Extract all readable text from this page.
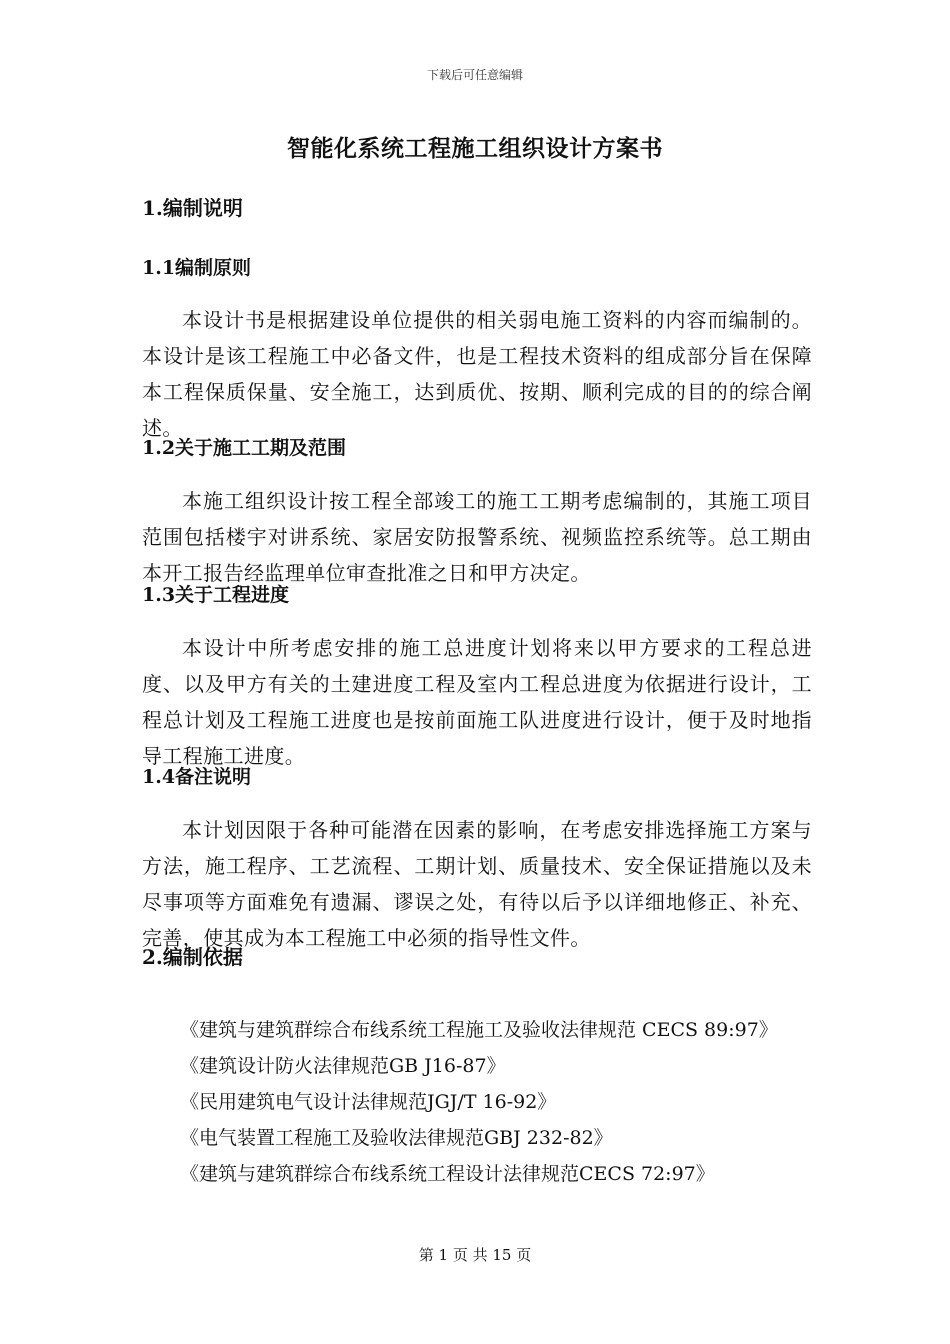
下载后可任意编辑
智能化系统工程施工组织设计方案书
1.编制说明
1.1编制原则

本设计书是根据建设单位提供的相关弱电施工资料的内容而编制的。本设计是该工程施工中必备文件，也是工程技术资料的组成部分旨在保障本工程保质保量、安全施工，达到质优、按期、顺利完成的目的的综合阐述。

1.2关于施工工期及范围

本施工组织设计按工程全部竣工的施工工期考虑编制的，其施工项目范围包括楼宇对讲系统、家居安防报警系统、视频监控系统等。总工期由本开工报告经监理单位审查批准之日和甲方决定。

1.3关于工程进度

本设计中所考虑安排的施工总进度计划将来以甲方要求的工程总进度、以及甲方有关的土建进度工程及室内工程总进度为依据进行设计，工程总计划及工程施工进度也是按前面施工队进度进行设计，便于及时地指导工程施工进度。

1.4备注说明

本计划因限于各种可能潜在因素的影响，在考虑安排选择施工方案与方法，施工程序、工艺流程、工期计划、质量技术、安全保证措施以及未尽事项等方面难免有遗漏、谬误之处，有待以后予以详细地修正、补充、完善，使其成为本工程施工中必须的指导性文件。

2.编制依据

《建筑与建筑群综合布线系统工程施工及验收法律规范 CECS 89:97》

《建筑设计防火法律规范GB J16-87》

《民用建筑电气设计法律规范JGJ/T 16-92》

《电气装置工程施工及验收法律规范GBJ 232-82》

《建筑与建筑群综合布线系统工程设计法律规范CECS 72:97》

第 1 页 共 15 页
